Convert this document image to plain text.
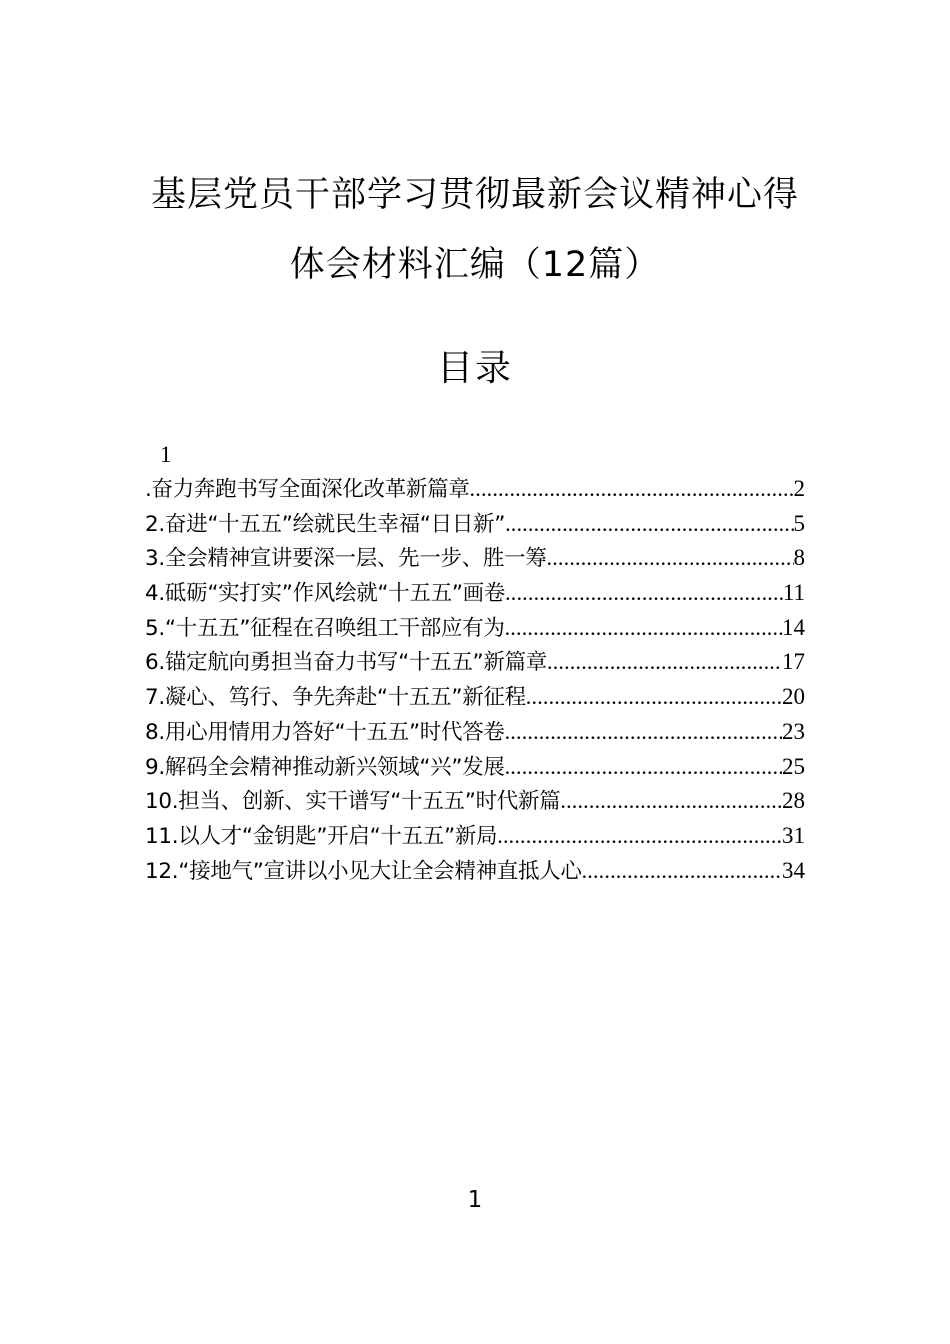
基层党员干部学习贯彻最新会议精神心得
体会材料汇编（12篇）
目录
1
.奋力奔跑书写全面深化改革新篇章 .....	2
2.奋进“十五五”绘就民生幸福“日日新” .....	5
3.全会精神宣讲要深一层、先一步、胜一筹 .....	8
4.砥砺“实打实”作风绘就“十五五”画卷 .....	11
5.“十五五”征程在召唤组工干部应有为 .....	14
6.锚定航向勇担当奋力书写“十五五”新篇章 .....	17
7.凝心、笃行、争先奔赴“十五五”新征程 .....	20
8.用心用情用力答好“十五五”时代答卷 .....	23
9.解码全会精神推动新兴领域“兴”发展 .....	25
10.担当、创新、实干谱写“十五五”时代新篇 .....	28
11.以人才“金钥匙”开启“十五五”新局 .....	31
12.“接地气”宣讲以小见大让全会精神直抵人心 .....	34
1
